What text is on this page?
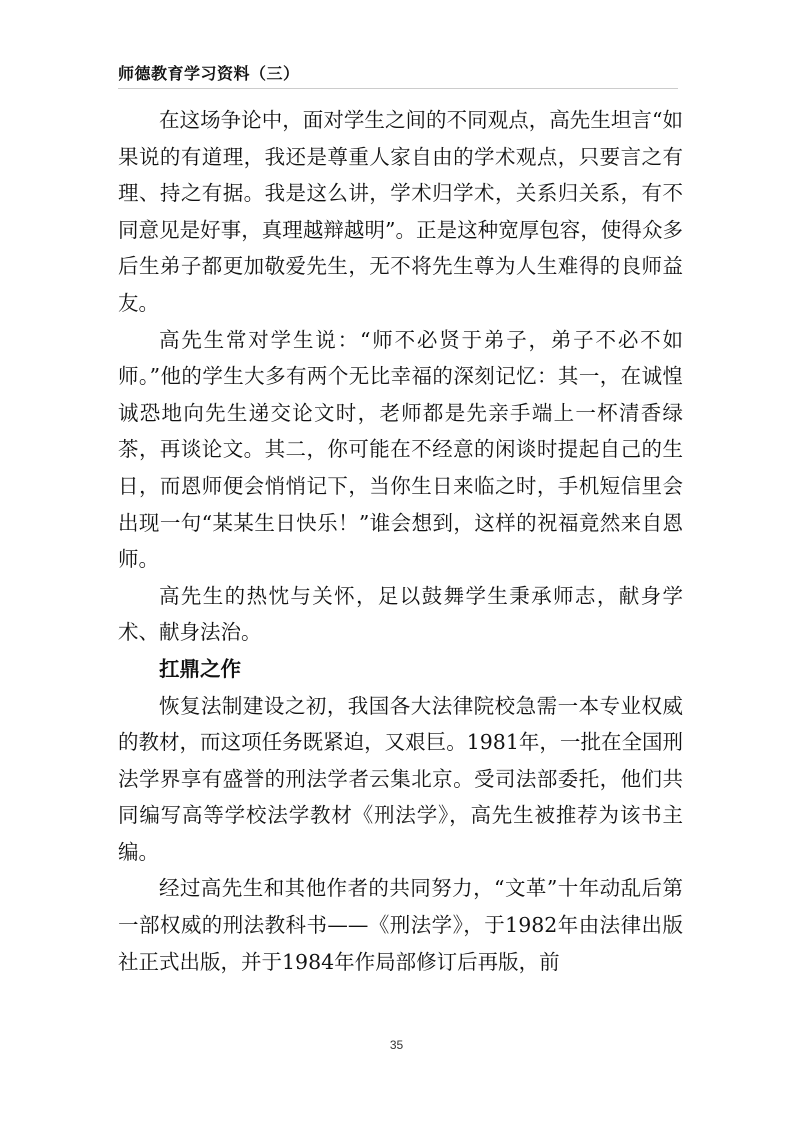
师德教育学习资料（三）

在这场争论中，面对学生之间的不同观点，高先生坦言“如果说的有道理，我还是尊重人家自由的学术观点，只要言之有理、持之有据。我是这么讲，学术归学术，关系归关系，有不同意见是好事，真理越辩越明”。正是这种宽厚包容，使得众多后生弟子都更加敬爱先生，无不将先生尊为人生难得的良师益友。

高先生常对学生说：“师不必贤于弟子，弟子不必不如师。”他的学生大多有两个无比幸福的深刻记忆：其一，在诚惶诚恐地向先生递交论文时，老师都是先亲手端上一杯清香绿茶，再谈论文。其二，你可能在不经意的闲谈时提起自己的生日，而恩师便会悄悄记下，当你生日来临之时，手机短信里会出现一句“某某生日快乐！”谁会想到，这样的祝福竟然来自恩师。

高先生的热忱与关怀，足以鼓舞学生秉承师志，献身学术、献身法治。

扛鼎之作

恢复法制建设之初，我国各大法律院校急需一本专业权威的教材，而这项任务既紧迫，又艰巨。1981年，一批在全国刑法学界享有盛誉的刑法学者云集北京。受司法部委托，他们共同编写高等学校法学教材《刑法学》，高先生被推荐为该书主编。

经过高先生和其他作者的共同努力，“文革”十年动乱后第一部权威的刑法教科书——《刑法学》，于1982年由法律出版社正式出版，并于1984年作局部修订后再版，前

35
